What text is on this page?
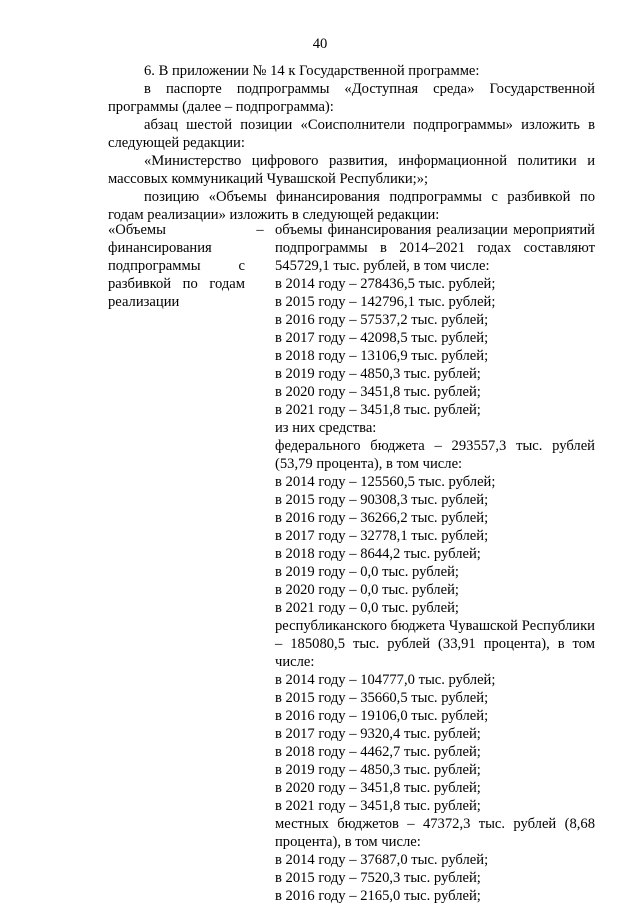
40

6. В приложении № 14 к Государственной программе:

в паспорте подпрограммы «Доступная среда» Государственной программы (далее – подпрограмма):

абзац шестой позиции «Соисполнители подпрограммы» изложить в следующей редакции:

«Министерство цифрового развития, информационной политики и массовых коммуникаций Чувашской Республики;»;

позицию «Объемы финансирования подпрограммы с разбивкой по годам реализации» изложить в следующей редакции:

«Объемы финансирования подпрограммы с разбивкой по годам реализации
– объемы финансирования реализации мероприятий подпрограммы в 2014–2021 годах составляют 545729,1 тыс. рублей, в том числе:
в 2014 году – 278436,5 тыс. рублей;
в 2015 году – 142796,1 тыс. рублей;
в 2016 году – 57537,2 тыс. рублей;
в 2017 году – 42098,5 тыс. рублей;
в 2018 году – 13106,9 тыс. рублей;
в 2019 году – 4850,3 тыс. рублей;
в 2020 году – 3451,8 тыс. рублей;
в 2021 году – 3451,8 тыс. рублей;
из них средства:
федерального бюджета – 293557,3 тыс. рублей (53,79 процента), в том числе:
в 2014 году – 125560,5 тыс. рублей;
в 2015 году – 90308,3 тыс. рублей;
в 2016 году – 36266,2 тыс. рублей;
в 2017 году – 32778,1 тыс. рублей;
в 2018 году – 8644,2 тыс. рублей;
в 2019 году – 0,0 тыс. рублей;
в 2020 году – 0,0 тыс. рублей;
в 2021 году – 0,0 тыс. рублей;
республиканского бюджета Чувашской Республики – 185080,5 тыс. рублей (33,91 процента), в том числе:
в 2014 году – 104777,0 тыс. рублей;
в 2015 году – 35660,5 тыс. рублей;
в 2016 году – 19106,0 тыс. рублей;
в 2017 году – 9320,4 тыс. рублей;
в 2018 году – 4462,7 тыс. рублей;
в 2019 году – 4850,3 тыс. рублей;
в 2020 году – 3451,8 тыс. рублей;
в 2021 году – 3451,8 тыс. рублей;
местных бюджетов – 47372,3 тыс. рублей (8,68 процента), в том числе:
в 2014 году – 37687,0 тыс. рублей;
в 2015 году – 7520,3 тыс. рублей;
в 2016 году – 2165,0 тыс. рублей;
